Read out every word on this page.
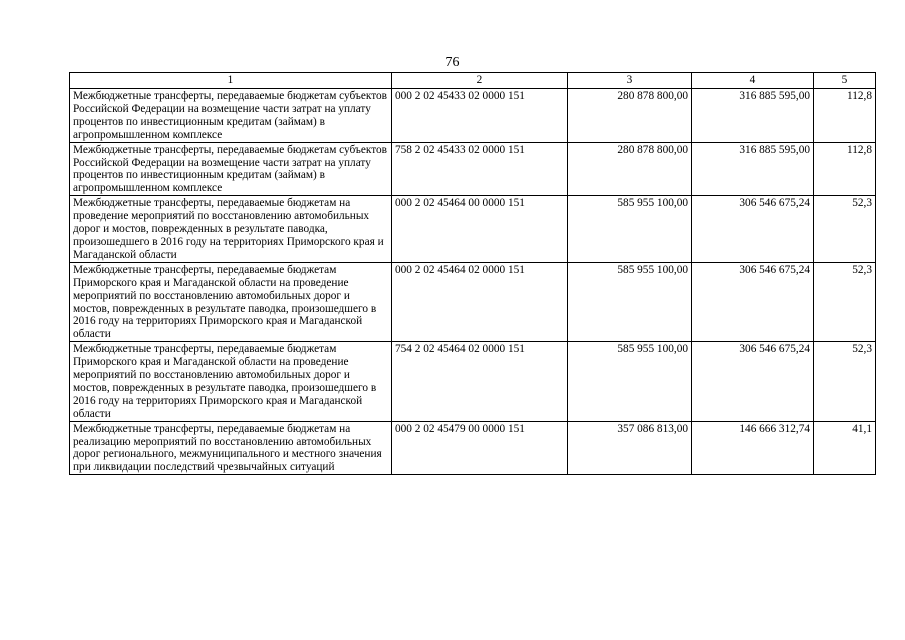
76
1	2	3	4	5
Межбюджетные трансферты, передаваемые бюджетам субъектов Российской Федерации на возмещение части затрат на уплату процентов по инвестиционным кредитам (займам) в агропромышленном комплексе	000 2 02 45433 02 0000 151	280 878 800,00	316 885 595,00	112,8
Межбюджетные трансферты, передаваемые бюджетам субъектов Российской Федерации на возмещение части затрат на уплату процентов по инвестиционным кредитам (займам) в агропромышленном комплексе	758 2 02 45433 02 0000 151	280 878 800,00	316 885 595,00	112,8
Межбюджетные трансферты, передаваемые бюджетам на проведение мероприятий по восстановлению автомобильных дорог и мостов, поврежденных в результате паводка, произошедшего в 2016 году на территориях Приморского края и Магаданской области	000 2 02 45464 00 0000 151	585 955 100,00	306 546 675,24	52,3
Межбюджетные трансферты, передаваемые бюджетам Приморского края и Магаданской области на проведение мероприятий по восстановлению автомобильных дорог и мостов, поврежденных в результате паводка, произошедшего в 2016 году на территориях Приморского края и Магаданской области	000 2 02 45464 02 0000 151	585 955 100,00	306 546 675,24	52,3
Межбюджетные трансферты, передаваемые бюджетам Приморского края и Магаданской области на проведение мероприятий по восстановлению автомобильных дорог и мостов, поврежденных в результате паводка, произошедшего в 2016 году на территориях Приморского края и Магаданской области	754 2 02 45464 02 0000 151	585 955 100,00	306 546 675,24	52,3
Межбюджетные трансферты, передаваемые бюджетам на реализацию мероприятий по восстановлению автомобильных дорог регионального, межмуниципального и местного значения при ликвидации последствий чрезвычайных ситуаций	000 2 02 45479 00 0000 151	357 086 813,00	146 666 312,74	41,1
